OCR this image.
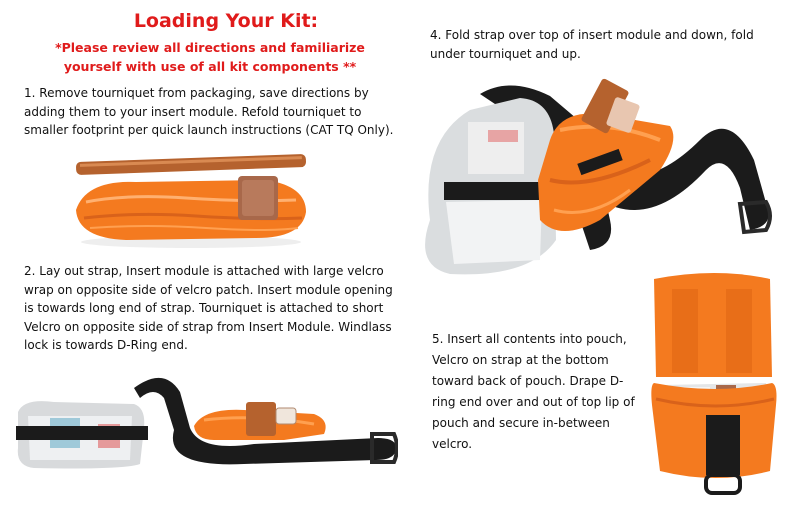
Loading Your Kit:
*Please review all directions and familiarize yourself with use of all kit components **
1. Remove tourniquet from packaging, save directions by adding them to your insert module. Refold tourniquet to smaller footprint per quick launch instructions (CAT TQ Only).
2. Lay out strap, Insert module is attached with large velcro wrap on opposite side of velcro patch. Insert module opening is towards long end of strap. Tourniquet is attached to short Velcro on opposite side of strap from Insert Module. Windlass lock is towards D-Ring end.
4. Fold strap over top of insert module and down, fold under tourniquet and up.
5. Insert all contents into pouch, Velcro on strap at the bottom toward back of pouch. Drape D-ring end over and out of top lip of pouch and secure in-between velcro.
